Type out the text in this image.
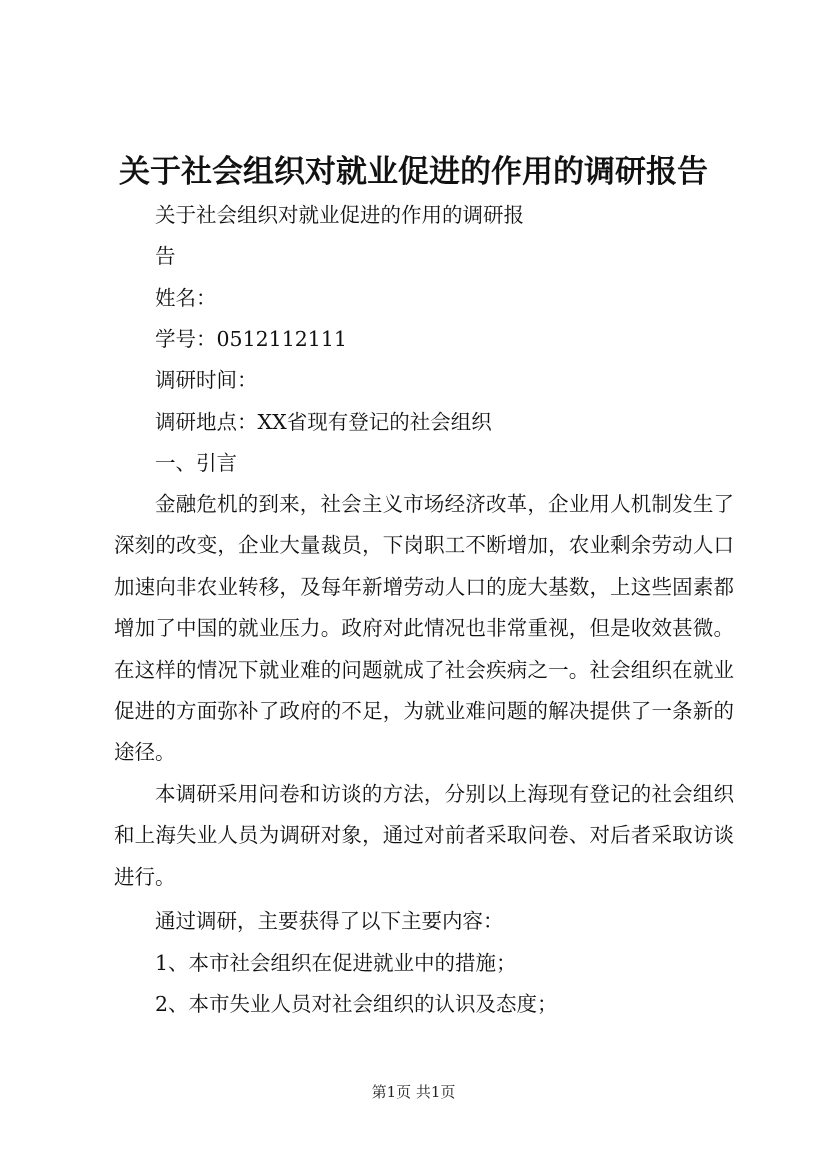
关于社会组织对就业促进的作用的调研报告
关于社会组织对就业促进的作用的调研报
告
姓名：
学号：0512112111
调研时间：
调研地点：XX省现有登记的社会组织
一、引言

金融危机的到来，社会主义市场经济改革，企业用人机制发生了深刻的改变，企业大量裁员，下岗职工不断增加，农业剩余劳动人口加速向非农业转移，及每年新增劳动人口的庞大基数，上这些固素都增加了中国的就业压力。政府对此情况也非常重视，但是收效甚微。在这样的情况下就业难的问题就成了社会疾病之一。社会组织在就业促进的方面弥补了政府的不足，为就业难问题的解决提供了一条新的途径。

本调研采用问卷和访谈的方法，分别以上海现有登记的社会组织和上海失业人员为调研对象，通过对前者采取问卷、对后者采取访谈进行。

通过调研，主要获得了以下主要内容：
1、本市社会组织在促进就业中的措施；
2、本市失业人员对社会组织的认识及态度；
第1页 共1页
